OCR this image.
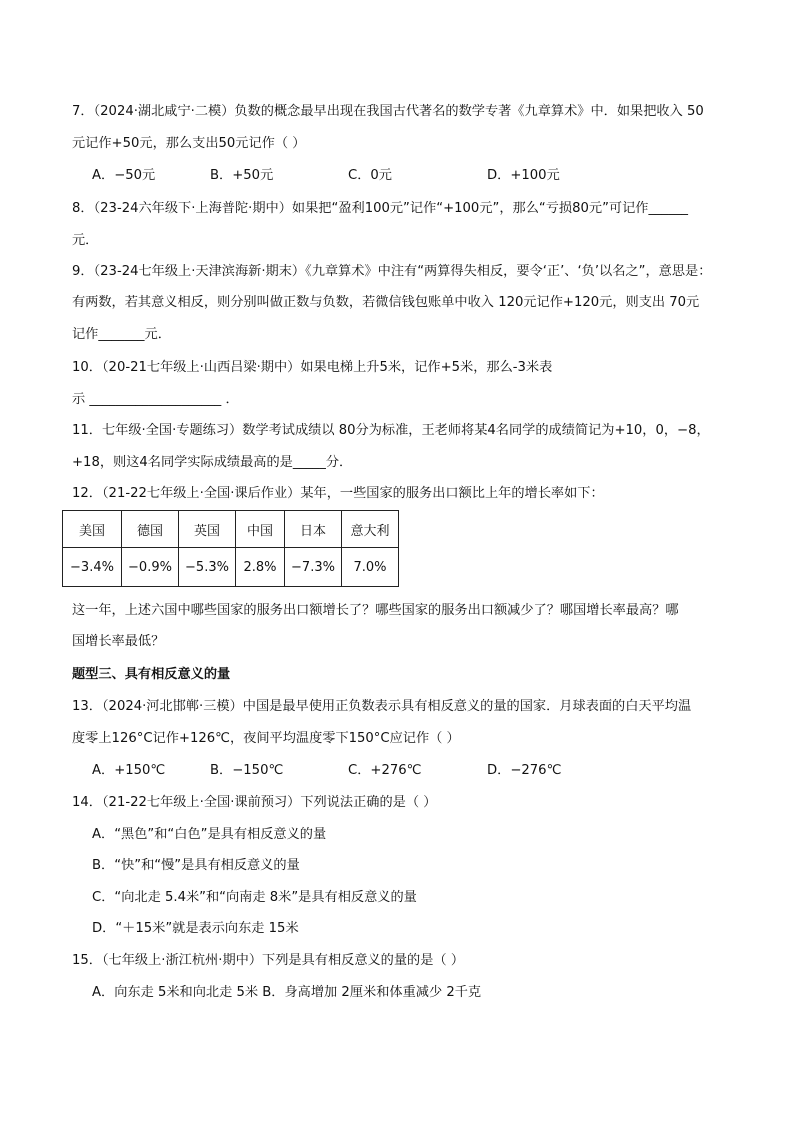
7．（2024·湖北咸宁·二模）负数的概念最早出现在我国古代著名的数学专著《九章算术》中．如果把收入 50
元记作+50元，那么支出50元记作（ ）
A．−50元	B．+50元	C．0元	D．+100元
8．（23-24六年级下·上海普陀·期中）如果把“盈利100元”记作“+100元”，那么“亏损80元”可记作______
元．
9．（23-24七年级上·天津滨海新·期末）《九章算术》中注有“两算得失相反，要令‘正’、‘负’以名之”，意思是：
有两数，若其意义相反，则分别叫做正数与负数，若微信钱包账单中收入 120元记作+120元，则支出 70元
记作_______元．
10．（20-21七年级上·山西吕梁·期中）如果电梯上升5米，记作+5米，那么-3米表
示 ____________________ ．
11．七年级·全国·专题练习）数学考试成绩以 80分为标准，王老师将某4名同学的成绩简记为+10，0，−8，
+18，则这4名同学实际成绩最高的是_____分．
12．（21-22七年级上·全国·课后作业）某年，一些国家的服务出口额比上年的增长率如下：
美国	德国	英国	中国	日本	意大利
−3.4%	−0.9%	−5.3%	2.8%	−7.3%	7.0%
这一年，上述六国中哪些国家的服务出口额增长了？哪些国家的服务出口额减少了？哪国增长率最高？哪
国增长率最低？
题型三、具有相反意义的量
13．（2024·河北邯郸·三模）中国是最早使用正负数表示具有相反意义的量的国家．月球表面的白天平均温
度零上126°C记作+126℃，夜间平均温度零下150°C应记作（ ）
A．+150℃	B．−150℃	C．+276℃	D．−276℃
14．（21-22七年级上·全国·课前预习）下列说法正确的是（ ）
A．“黑色”和“白色”是具有相反意义的量
B．“快”和“慢”是具有相反意义的量
C．“向北走 5.4米”和“向南走 8米”是具有相反意义的量
D．“＋15米”就是表示向东走 15米
15．（七年级上·浙江杭州·期中）下列是具有相反意义的量的是（ ）
A．向东走 5米和向北走 5米 B．身高增加 2厘米和体重减少 2千克
